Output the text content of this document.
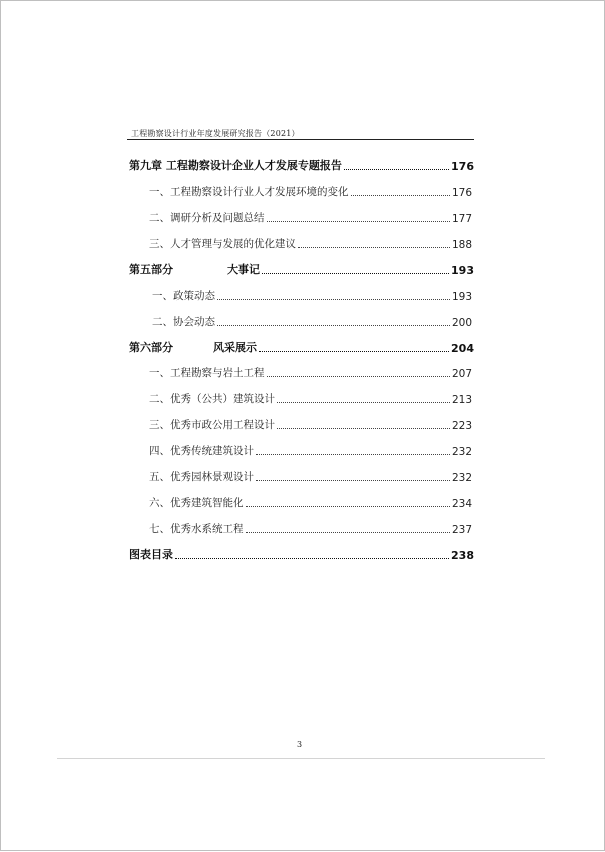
工程勘察设计行业年度发展研究报告（2021）
第九章 工程勘察设计企业人才发展专题报告	176
一、工程勘察设计行业人才发展环境的变化	176
二、调研分析及问题总结	177
三、人才管理与发展的优化建议	188
第五部分	大事记	193
一、政策动态	193
二、协会动态	200
第六部分	风采展示	204
一、工程勘察与岩土工程	207
二、优秀（公共）建筑设计	213
三、优秀市政公用工程设计	223
四、优秀传统建筑设计	232
五、优秀园林景观设计	232
六、优秀建筑智能化	234
七、优秀水系统工程	237
图表目录	238
3
